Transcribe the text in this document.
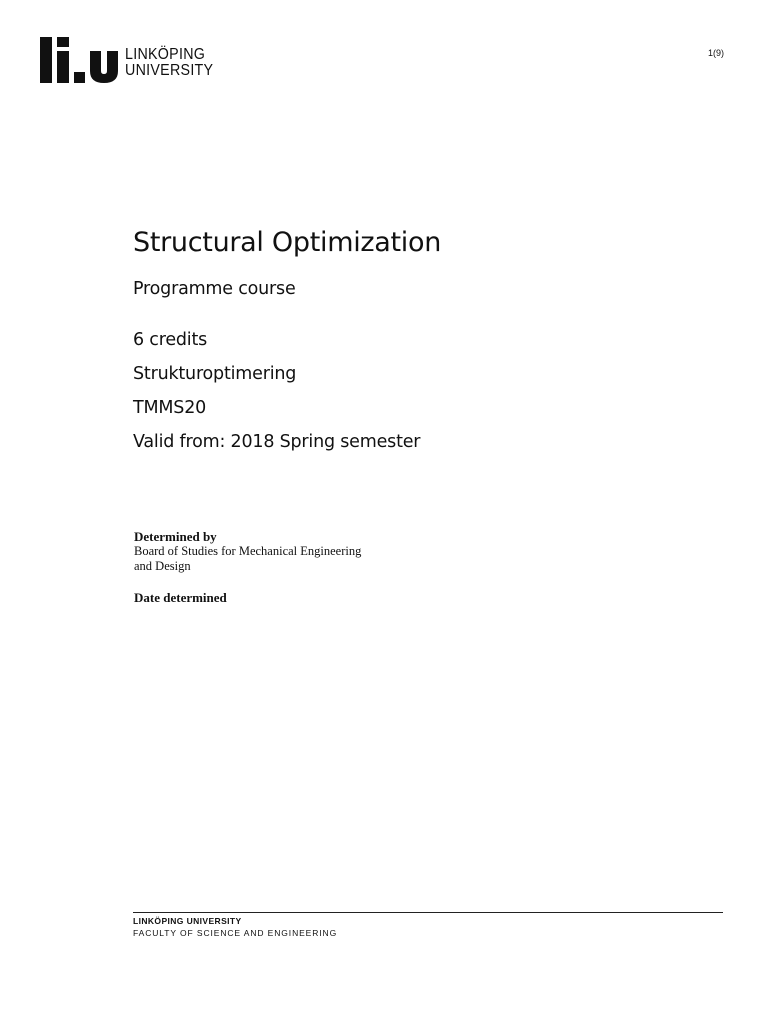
LINKÖPING
UNIVERSITY
1(9)
Structural Optimization
Programme course
6 credits
Strukturoptimering
TMMS20
Valid from: 2018 Spring semester
Determined by
Board of Studies for Mechanical Engineering
and Design
Date determined
LINKÖPING UNIVERSITY
FACULTY OF SCIENCE AND ENGINEERING
